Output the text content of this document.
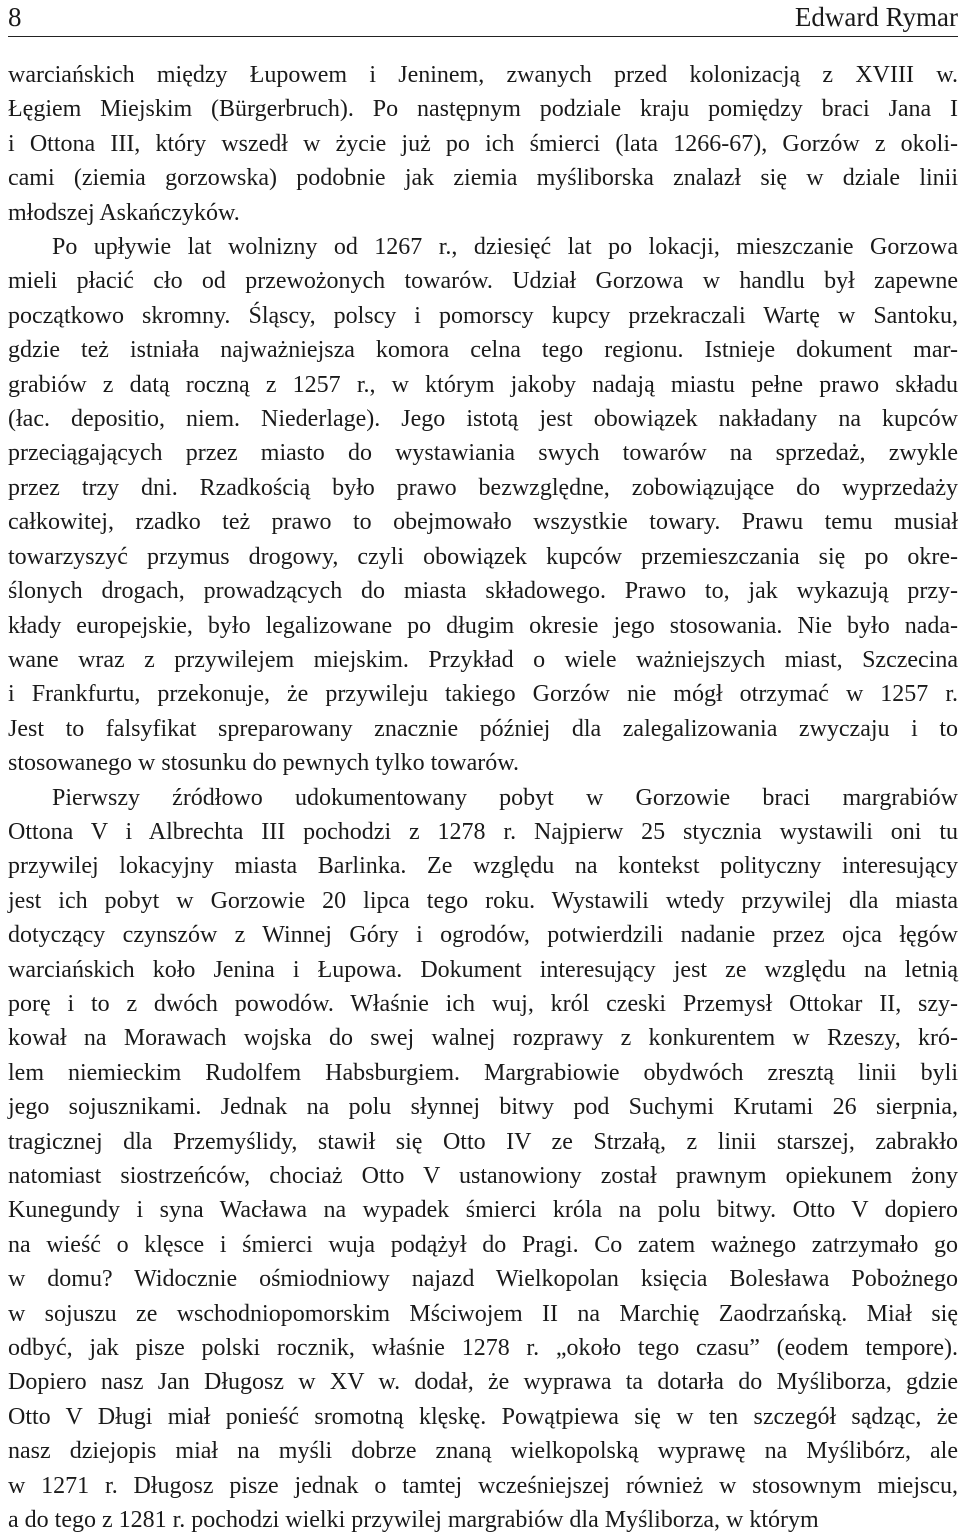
8	Edward Rymar

warciańskich między Łupowem i Jeninem, zwanych przed kolonizacją z XVIII w.
Łęgiem Miejskim (Bürgerbruch). Po następnym podziale kraju pomiędzy braci Jana I
i Ottona III, który wszedł w życie już po ich śmierci (lata 1266-67), Gorzów z okoli-
cami (ziemia gorzowska) podobnie jak ziemia myśliborska znalazł się w dziale linii
młodszej Askańczyków.

Po upływie lat wolnizny od 1267 r., dziesięć lat po lokacji, mieszczanie Gorzowa
mieli płacić cło od przewożonych towarów. Udział Gorzowa w handlu był zapewne
początkowo skromny. Śląscy, polscy i pomorscy kupcy przekraczali Wartę w Santoku,
gdzie też istniała najważniejsza komora celna tego regionu. Istnieje dokument mar-
grabiów z datą roczną z 1257 r., w którym jakoby nadają miastu pełne prawo składu
(łac. depositio, niem. Niederlage). Jego istotą jest obowiązek nakładany na kupców
przeciągających przez miasto do wystawiania swych towarów na sprzedaż, zwykle
przez trzy dni. Rzadkością było prawo bezwzględne, zobowiązujące do wyprzedaży
całkowitej, rzadko też prawo to obejmowało wszystkie towary. Prawu temu musiał
towarzyszyć przymus drogowy, czyli obowiązek kupców przemieszczania się po okre-
ślonych drogach, prowadzących do miasta składowego. Prawo to, jak wykazują przy-
kłady europejskie, było legalizowane po długim okresie jego stosowania. Nie było nada-
wane wraz z przywilejem miejskim. Przykład o wiele ważniejszych miast, Szczecina
i Frankfurtu, przekonuje, że przywileju takiego Gorzów nie mógł otrzymać w 1257 r.
Jest to falsyfikat spreparowany znacznie później dla zalegalizowania zwyczaju i to
stosowanego w stosunku do pewnych tylko towarów.

Pierwszy źródłowo udokumentowany pobyt w Gorzowie braci margrabiów
Ottona V i Albrechta III pochodzi z 1278 r. Najpierw 25 stycznia wystawili oni tu
przywilej lokacyjny miasta Barlinka. Ze względu na kontekst polityczny interesujący
jest ich pobyt w Gorzowie 20 lipca tego roku. Wystawili wtedy przywilej dla miasta
dotyczący czynszów z Winnej Góry i ogrodów, potwierdzili nadanie przez ojca łęgów
warciańskich koło Jenina i Łupowa. Dokument interesujący jest ze względu na letnią
porę i to z dwóch powodów. Właśnie ich wuj, król czeski Przemysł Ottokar II, szy-
kował na Morawach wojska do swej walnej rozprawy z konkurentem w Rzeszy, kró-
lem niemieckim Rudolfem Habsburgiem. Margrabiowie obydwóch zresztą linii byli
jego sojusznikami. Jednak na polu słynnej bitwy pod Suchymi Krutami 26 sierpnia,
tragicznej dla Przemyślidy, stawił się Otto IV ze Strzałą, z linii starszej, zabrakło
natomiast siostrzeńców, chociaż Otto V ustanowiony został prawnym opiekunem żony
Kunegundy i syna Wacława na wypadek śmierci króla na polu bitwy. Otto V dopiero
na wieść o klęsce i śmierci wuja podążył do Pragi. Co zatem ważnego zatrzymało go
w domu? Widocznie ośmiodniowy najazd Wielkopolan księcia Bolesława Pobożnego
w sojuszu ze wschodniopomorskim Mściwojem II na Marchię Zaodrzańską. Miał się
odbyć, jak pisze polski rocznik, właśnie 1278 r. „około tego czasu” (eodem tempore).
Dopiero nasz Jan Długosz w XV w. dodał, że wyprawa ta dotarła do Myśliborza, gdzie
Otto V Długi miał ponieść sromotną klęskę. Powątpiewa się w ten szczegół sądząc, że
nasz dziejopis miał na myśli dobrze znaną wielkopolską wyprawę na Myślibórz, ale
w 1271 r. Długosz pisze jednak o tamtej wcześniejszej również w stosownym miejscu,
a do tego z 1281 r. pochodzi wielki przywilej margrabiów dla Myśliborza, w którym
